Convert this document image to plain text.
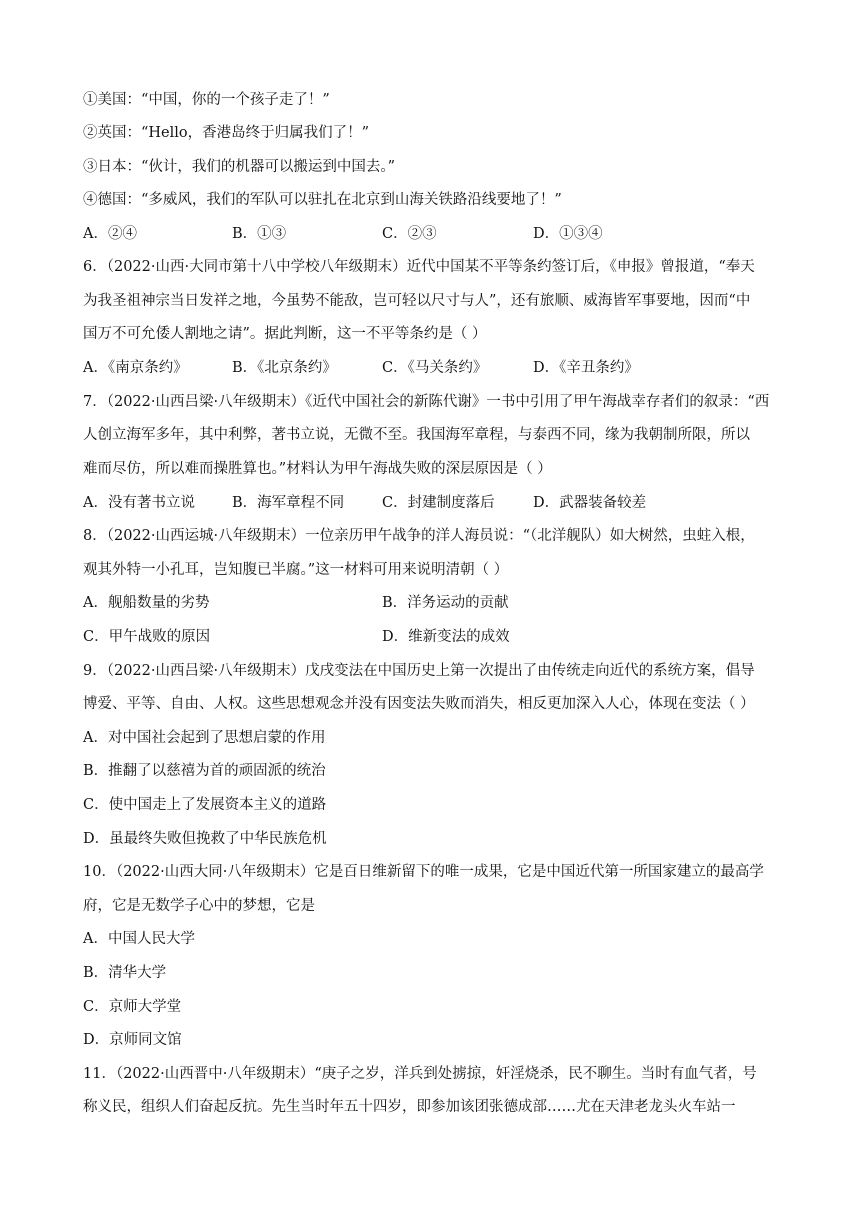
①美国：“中国，你的一个孩子走了！”
②英国：“Hello，香港岛终于归属我们了！”
③日本：“伙计，我们的机器可以搬运到中国去。”
④德国：“多威风，我们的军队可以驻扎在北京到山海关铁路沿线要地了！”
A．②④	B．①③	C．②③	D．①③④
6．（2022·山西·大同市第十八中学校八年级期末）近代中国某不平等条约签订后，《申报》曾报道，“奉天
为我圣祖神宗当日发祥之地，今虽势不能敌，岂可轻以尺寸与人”，还有旅顺、威海皆军事要地，因而“中
国万不可允倭人割地之请”。据此判断，这一不平等条约是（ ）
A．《南京条约》	B．《北京条约》	C．《马关条约》	D．《辛丑条约》
7．（2022·山西吕梁·八年级期末）《近代中国社会的新陈代谢》一书中引用了甲午海战幸存者们的叙录：“西
人创立海军多年，其中利弊，著书立说，无微不至。我国海军章程，与泰西不同，缘为我朝制所限，所以
难而尽仿，所以难而操胜算也。”材料认为甲午海战失败的深层原因是（ ）
A．没有著书立说	B．海军章程不同	C．封建制度落后	D．武器装备较差
8．（2022·山西运城·八年级期末）一位亲历甲午战争的洋人海员说：“（北洋舰队）如大树然，虫蛀入根，
观其外特一小孔耳，岂知腹已半腐。”这一材料可用来说明清朝（ ）
A．舰船数量的劣势	B．洋务运动的贡献
C．甲午战败的原因	D．维新变法的成效
9．（2022·山西吕梁·八年级期末）戊戌变法在中国历史上第一次提出了由传统走向近代的系统方案，倡导
博爱、平等、自由、人权。这些思想观念并没有因变法失败而消失，相反更加深入人心，体现在变法（ ）
A．对中国社会起到了思想启蒙的作用
B．推翻了以慈禧为首的顽固派的统治
C．使中国走上了发展资本主义的道路
D．虽最终失败但挽救了中华民族危机
10．（2022·山西大同·八年级期末）它是百日维新留下的唯一成果，它是中国近代第一所国家建立的最高学
府，它是无数学子心中的梦想，它是
A．中国人民大学
B．清华大学
C．京师大学堂
D．京师同文馆
11．（2022·山西晋中·八年级期末）“庚子之岁，洋兵到处掳掠，奸淫烧杀，民不聊生。当时有血气者，号
称义民，组织人们奋起反抗。先生当时年五十四岁，即参加该团张德成部……尤在天津老龙头火车站一
